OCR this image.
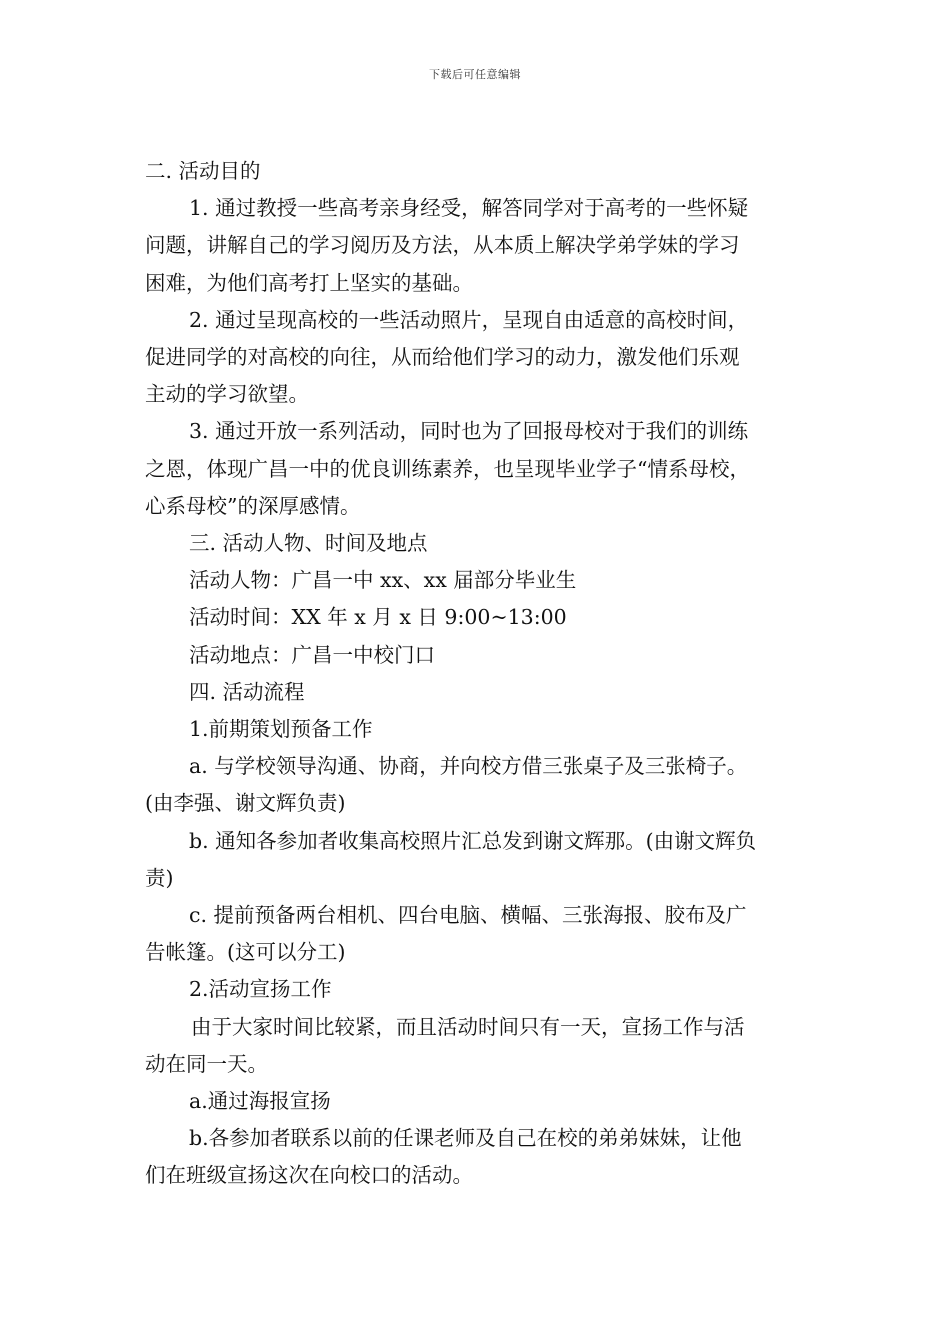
下载后可任意编辑

二. 活动目的

1. 通过教授一些高考亲身经受，解答同学对于高考的一些怀疑

问题，讲解自己的学习阅历及方法，从本质上解决学弟学妹的学习

困难，为他们高考打上坚实的基础。

2. 通过呈现高校的一些活动照片，呈现自由适意的高校时间，

促进同学的对高校的向往，从而给他们学习的动力，激发他们乐观

主动的学习欲望。

3. 通过开放一系列活动，同时也为了回报母校对于我们的训练

之恩，体现广昌一中的优良训练素养，也呈现毕业学子“情系母校，

心系母校”的深厚感情。

三. 活动人物、时间及地点

活动人物：广昌一中 xx、xx 届部分毕业生

活动时间：XX 年 x 月 x 日 9:00~13:00

活动地点：广昌一中校门口

四. 活动流程

1.前期策划预备工作

a. 与学校领导沟通、协商，并向校方借三张桌子及三张椅子。

(由李强、谢文辉负责)

b. 通知各参加者收集高校照片汇总发到谢文辉那。(由谢文辉负

责)

c. 提前预备两台相机、四台电脑、横幅、三张海报、胶布及广

告帐篷。(这可以分工)

2.活动宣扬工作

由于大家时间比较紧，而且活动时间只有一天，宣扬工作与活

动在同一天。

a.通过海报宣扬

b.各参加者联系以前的任课老师及自己在校的弟弟妹妹，让他

们在班级宣扬这次在向校口的活动。
